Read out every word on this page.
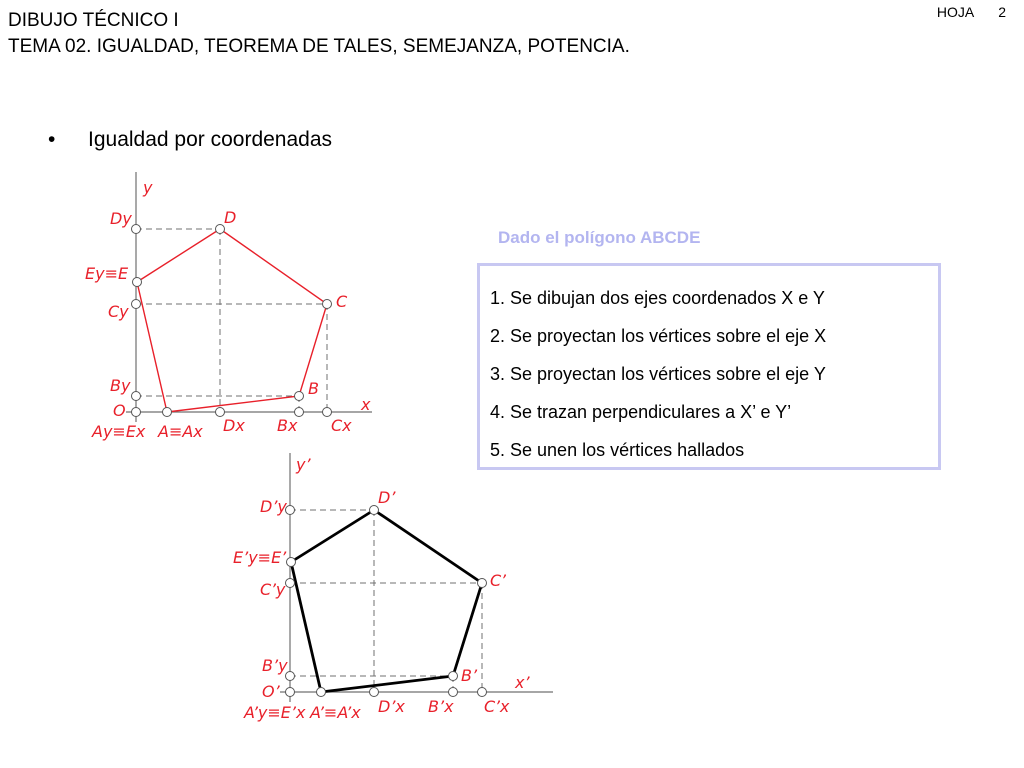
DIBUJO TÉCNICO I
TEMA 02. IGUALDAD, TEOREMA DE TALES, SEMEJANZA, POTENCIA.
HOJA 2
• Igualdad por coordenadas
Dado el polígono ABCDE
1. Se dibujan dos ejes coordenados X e Y
2. Se proyectan los vértices sobre el eje X
3. Se proyectan los vértices sobre el eje Y
4. Se trazan perpendiculares a X’ e Y’
5. Se unen los vértices hallados
y
x
O
D
C
B
Ey≡E
Dy
Cy
By
Ay≡Ex A≡Ax Dx Bx Cx
y’
x’
O’
D’
C’
B’
E’y≡E’
D’y
C’y
B’y
A’y≡E’x A’≡A’x D’x B’x C’x
